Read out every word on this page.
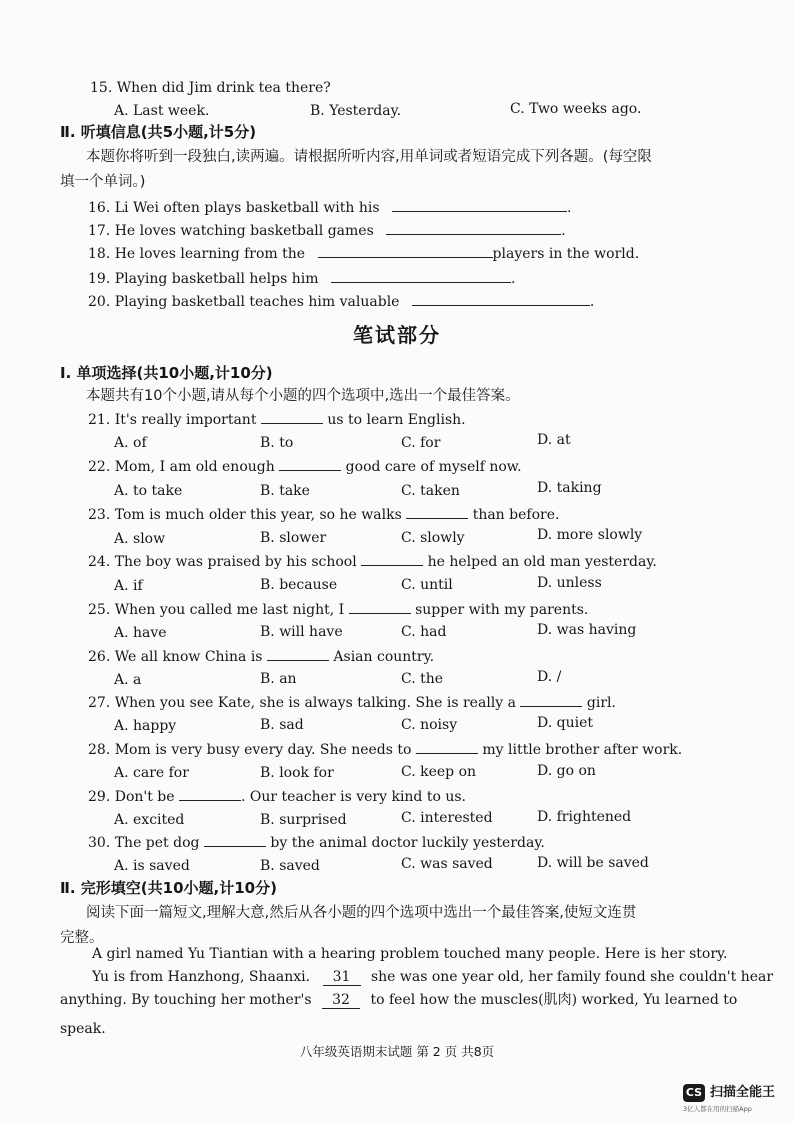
15. When did Jim drink tea there?
A. Last week.	B. Yesterday.	C. Two weeks ago.
Ⅱ. 听填信息(共5小题,计5分)
本题你将听到一段独白,读两遍。请根据所听内容,用单词或者短语完成下列各题。(每空限
填一个单词。)
16. Li Wei often plays basketball with his	.
17. He loves watching basketball games	.
18. He loves learning from the	players in the world.
19. Playing basketball helps him	.
20. Playing basketball teaches him valuable	.
笔试部分
Ⅰ. 单项选择(共10小题,计10分)
本题共有10个小题,请从每个小题的四个选项中,选出一个最佳答案。
21. It's really important	us to learn English.
A. of	B. to	C. for	D. at
22. Mom, I am old enough	good care of myself now.
A. to take	B. take	C. taken	D. taking
23. Tom is much older this year, so he walks	than before.
A. slow	B. slower	C. slowly	D. more slowly
24. The boy was praised by his school	he helped an old man yesterday.
A. if	B. because	C. until	D. unless
25. When you called me last night, I	supper with my parents.
A. have	B. will have	C. had	D. was having
26. We all know China is	Asian country.
A. a	B. an	C. the	D. /
27. When you see Kate, she is always talking. She is really a	girl.
A. happy	B. sad	C. noisy	D. quiet
28. Mom is very busy every day. She needs to	my little brother after work.
A. care for	B. look for	C. keep on	D. go on
29. Don't be	. Our teacher is very kind to us.
A. excited	B. surprised	C. interested	D. frightened
30. The pet dog	by the animal doctor luckily yesterday.
A. is saved	B. saved	C. was saved	D. will be saved
Ⅱ. 完形填空(共10小题,计10分)
阅读下面一篇短文,理解大意,然后从各小题的四个选项中选出一个最佳答案,使短文连贯
完整。
A girl named Yu Tiantian with a hearing problem touched many people. Here is her story.
Yu is from Hanzhong, Shaanxi. 31 she was one year old, her family found she couldn't hear
anything. By touching her mother's 32 to feel how the muscles(肌肉) worked, Yu learned to
speak.
八年级英语期末试题 第 2 页 共8页
CS 扫描全能王
3亿人都在用的扫描App
